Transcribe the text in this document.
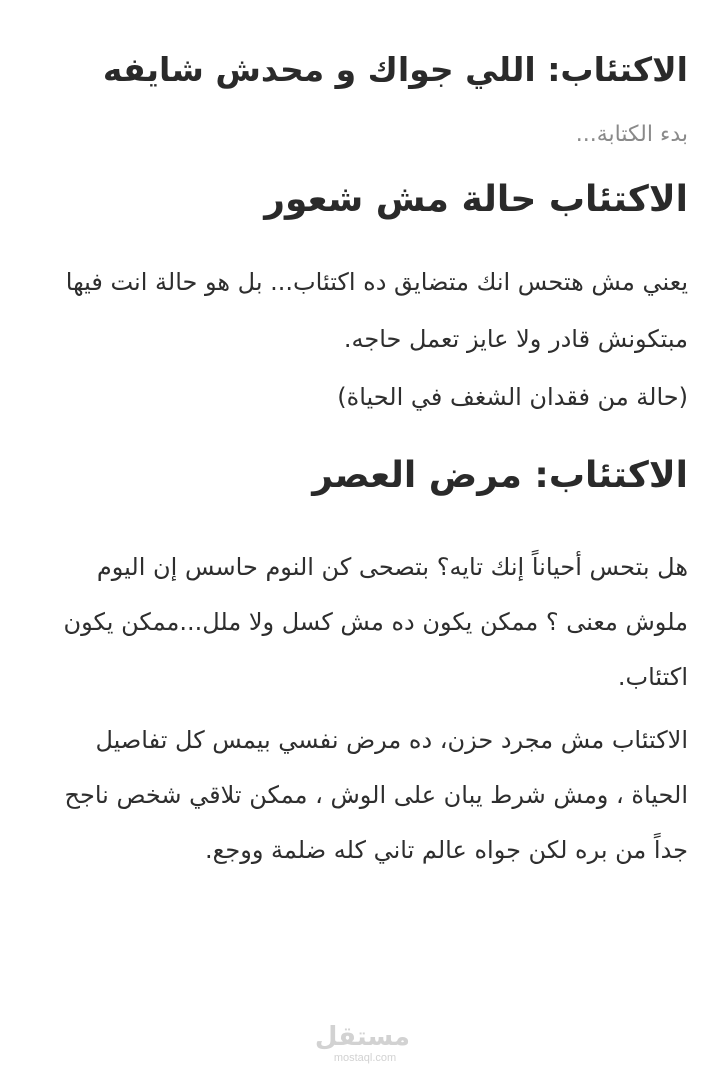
الاكتئاب: اللي جواك و محدش شايفه
بدء الكتابة...
الاكتئاب حالة مش شعور

يعني مش هتحس انك متضايق ده اكتئاب... بل هو حالة انت فيها مبتكونش قادر ولا عايز تعمل حاجه.

(حالة من فقدان الشغف في الحياة)

الاكتئاب: مرض العصر

هل بتحس أحياناً إنك تايه؟ بتصحى كن النوم حاسس إن اليوم ملوش معنى ؟ ممكن يكون ده مش كسل ولا ملل...ممكن يكون اكتئاب.

الاكتئاب مش مجرد حزن، ده مرض نفسي بيمس كل تفاصيل الحياة ، ومش شرط يبان على الوش ، ممكن تلاقي شخص ناجح جداً من بره لكن جواه عالم تاني كله ضلمة ووجع.

مستقل
mostaql.com
